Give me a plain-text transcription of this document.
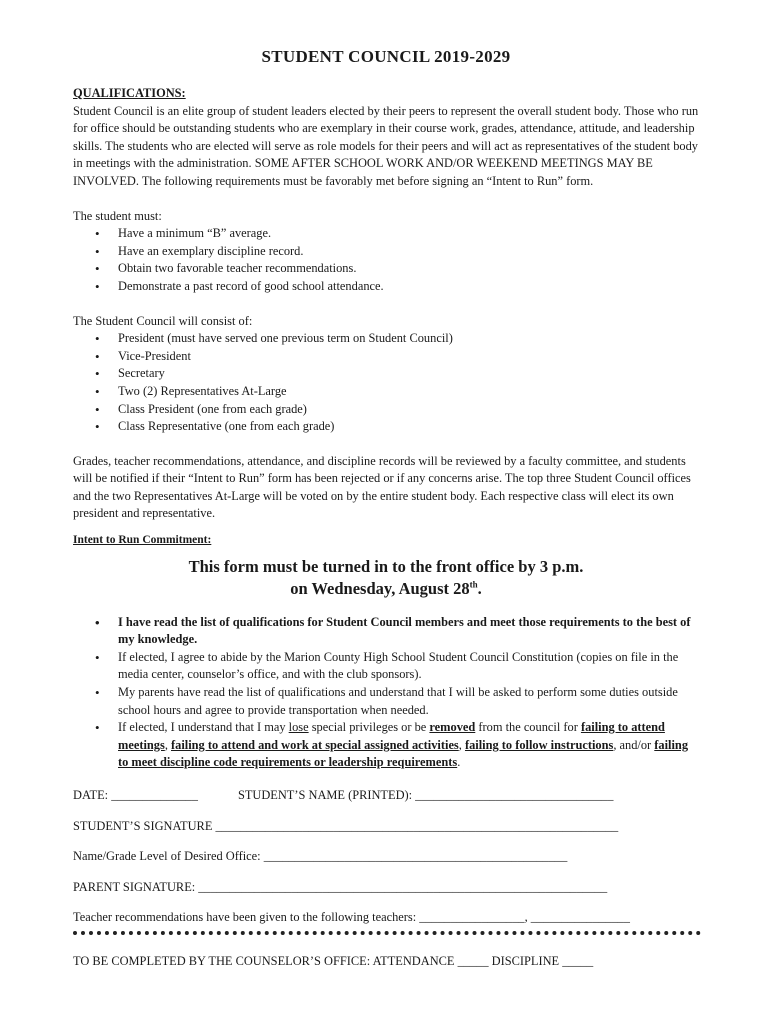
STUDENT COUNCIL 2019-2029
QUALIFICATIONS:

Student Council is an elite group of student leaders elected by their peers to represent the overall student body. Those who run for office should be outstanding students who are exemplary in their course work, grades, attendance, attitude, and leadership skills. The students who are elected will serve as role models for their peers and will act as representatives of the student body in meetings with the administration. SOME AFTER SCHOOL WORK AND/OR WEEKEND MEETINGS MAY BE INVOLVED. The following requirements must be favorably met before signing an “Intent to Run” form.

The student must:

• Have a minimum “B” average.
• Have an exemplary discipline record.
• Obtain two favorable teacher recommendations.
• Demonstrate a past record of good school attendance.

The Student Council will consist of:

• President (must have served one previous term on Student Council)
• Vice-President
• Secretary
• Two (2) Representatives At-Large
• Class President (one from each grade)
• Class Representative (one from each grade)

Grades, teacher recommendations, attendance, and discipline records will be reviewed by a faculty committee, and students will be notified if their “Intent to Run” form has been rejected or if any concerns arise. The top three Student Council offices and the two Representatives At-Large will be voted on by the entire student body. Each respective class will elect its own president and representative.

Intent to Run Commitment:
This form must be turned in to the front office by 3 p.m.
on Wednesday, August 28th.
• I have read the list of qualifications for Student Council members and meet those requirements to the best of my knowledge.
• If elected, I agree to abide by the Marion County High School Student Council Constitution (copies on file in the media center, counselor’s office, and with the club sponsors).
• My parents have read the list of qualifications and understand that I will be asked to perform some duties outside school hours and agree to provide transportation when needed.
• If elected, I understand that I may lose special privileges or be removed from the council for failing to attend meetings, failing to attend and work at special assigned activities, failing to follow instructions, and/or failing to meet discipline code requirements or leadership requirements.

DATE: ______________	STUDENT’S NAME (PRINTED): ________________________________

STUDENT’S SIGNATURE _________________________________________________________________

Name/Grade Level of Desired Office: _________________________________________________

PARENT SIGNATURE: __________________________________________________________________

Teacher recommendations have been given to the following teachers: _________________, ________________

TO BE COMPLETED BY THE COUNSELOR’S OFFICE: ATTENDANCE _____ DISCIPLINE _____
